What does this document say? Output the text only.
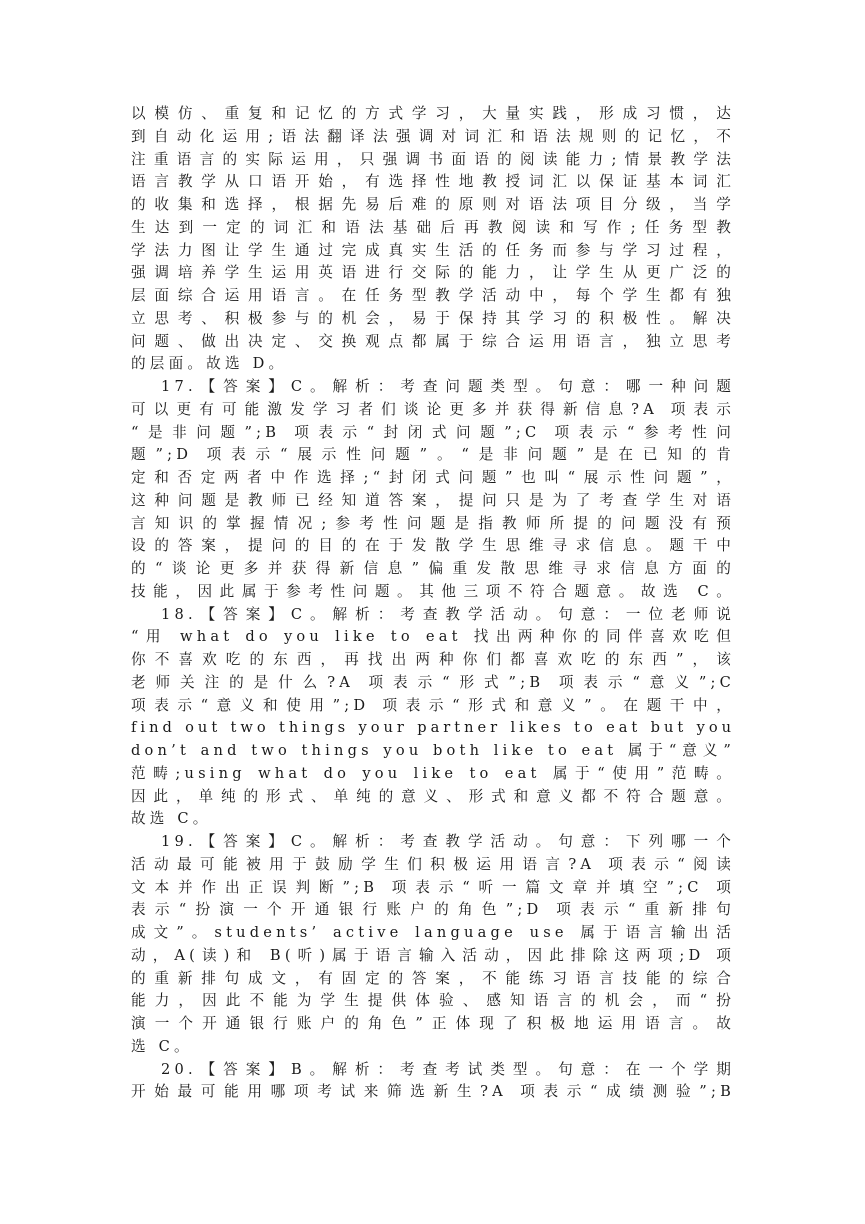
以模仿、重复和记忆的方式学习，大量实践，形成习惯，达
到自动化运用;语法翻译法强调对词汇和语法规则的记忆，不
注重语言的实际运用，只强调书面语的阅读能力;情景教学法
语言教学从口语开始，有选择性地教授词汇以保证基本词汇
的收集和选择，根据先易后难的原则对语法项目分级，当学
生达到一定的词汇和语法基础后再教阅读和写作;任务型教
学法力图让学生通过完成真实生活的任务而参与学习过程，
强调培养学生运用英语进行交际的能力，让学生从更广泛的
层面综合运用语言。在任务型教学活动中，每个学生都有独
立思考、积极参与的机会，易于保持其学习的积极性。解决
问题、做出决定、交换观点都属于综合运用语言，独立思考
的层面。故选 D。
17.【答案】C。解析：考查问题类型。句意：哪一种问题
可以更有可能激发学习者们谈论更多并获得新信息?A 项表示
“是非问题”;B 项表示“封闭式问题”;C 项表示“参考性问
题”;D 项表示“展示性问题”。“是非问题”是在已知的肯
定和否定两者中作选择;“封闭式问题”也叫“展示性问题”，
这种问题是教师已经知道答案，提问只是为了考查学生对语
言知识的掌握情况;参考性问题是指教师所提的问题没有预
设的答案，提问的目的在于发散学生思维寻求信息。题干中
的“谈论更多并获得新信息”偏重发散思维寻求信息方面的
技能，因此属于参考性问题。其他三项不符合题意。故选 C。
18.【答案】C。解析：考查教学活动。句意：一位老师说
“用 what do you like to eat 找出两种你的同伴喜欢吃但
你不喜欢吃的东西，再找出两种你们都喜欢吃的东西”，该
老师关注的是什么?A 项表示“形式”;B 项表示“意义”;C
项表示“意义和使用”;D 项表示“形式和意义”。在题干中，
find out two things your partner likes to eat but you
don’t and two things you both like to eat 属于“意义”
范畴;using what do you like to eat 属于“使用”范畴。
因此，单纯的形式、单纯的意义、形式和意义都不符合题意。
故选 C。
19.【答案】C。解析：考查教学活动。句意：下列哪一个
活动最可能被用于鼓励学生们积极运用语言?A 项表示“阅读
文本并作出正误判断”;B 项表示“听一篇文章并填空”;C 项
表示“扮演一个开通银行账户的角色”;D 项表示“重新排句
成文”。students’ active language use 属于语言输出活
动，A(读)和 B(听)属于语言输入活动，因此排除这两项;D 项
的重新排句成文，有固定的答案，不能练习语言技能的综合
能力，因此不能为学生提供体验、感知语言的机会，而“扮
演一个开通银行账户的角色”正体现了积极地运用语言。故
选 C。
20.【答案】B。解析：考查考试类型。句意：在一个学期
开始最可能用哪项考试来筛选新生?A 项表示“成绩测验”;B
